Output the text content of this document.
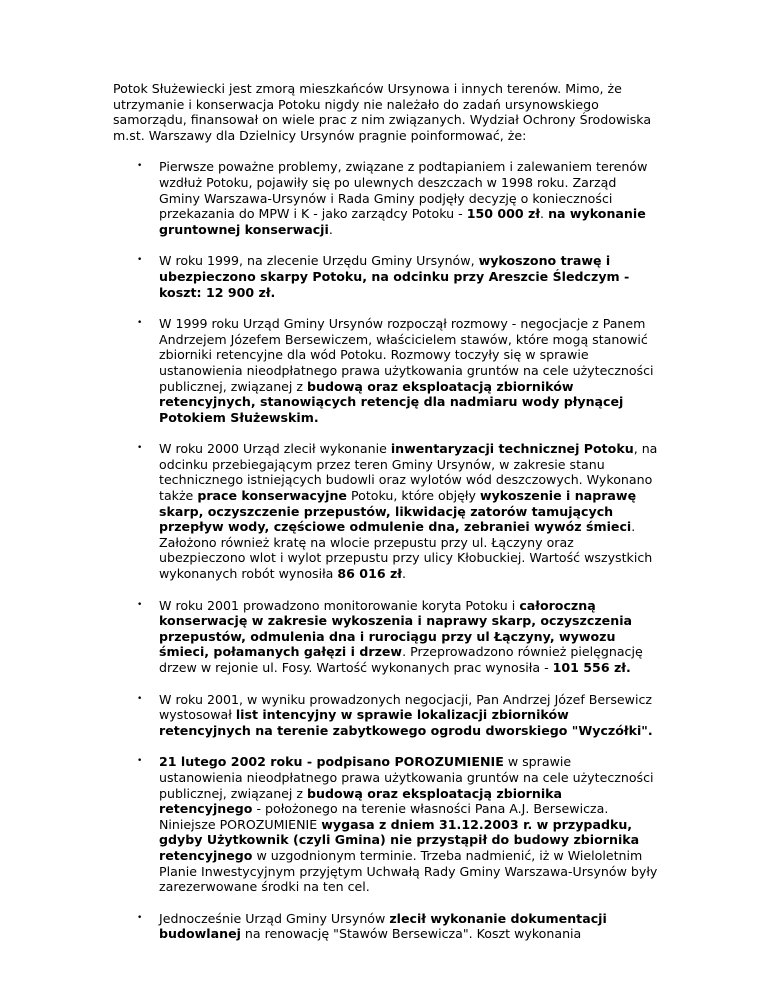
Potok Służewiecki jest zmorą mieszkańców Ursynowa i innych terenów. Mimo, że utrzymanie i konserwacja Potoku nigdy nie należało do zadań ursynowskiego samorządu, finansował on wiele prac z nim związanych. Wydział Ochrony Środowiska m.st. Warszawy dla Dzielnicy Ursynów pragnie poinformować, że:

• Pierwsze poważne problemy, związane z podtapianiem i zalewaniem terenów wzdłuż Potoku, pojawiły się po ulewnych deszczach w 1998 roku. Zarząd Gminy Warszawa-Ursynów i Rada Gminy podjęły decyzję o konieczności przekazania do MPW i K - jako zarządcy Potoku - 150 000 zł. na wykonanie gruntownej konserwacji.
• W roku 1999, na zlecenie Urzędu Gminy Ursynów, wykoszono trawę i ubezpieczono skarpy Potoku, na odcinku przy Areszcie Śledczym - koszt: 12 900 zł.
• W 1999 roku Urząd Gminy Ursynów rozpoczął rozmowy - negocjacje z Panem Andrzejem Józefem Bersewiczem, właścicielem stawów, które mogą stanowić zbiorniki retencyjne dla wód Potoku. Rozmowy toczyły się w sprawie ustanowienia nieodpłatnego prawa użytkowania gruntów na cele użyteczności publicznej, związanej z budową oraz eksploatacją zbiorników retencyjnych, stanowiących retencję dla nadmiaru wody płynącej Potokiem Służewskim.
• W roku 2000 Urząd zlecił wykonanie inwentaryzacji technicznej Potoku, na odcinku przebiegającym przez teren Gminy Ursynów, w zakresie stanu technicznego istniejących budowli oraz wylotów wód deszczowych. Wykonano także prace konserwacyjne Potoku, które objęły wykoszenie i naprawę skarp, oczyszczenie przepustów, likwidację zatorów tamujących przepływ wody, częściowe odmulenie dna, zebraniei wywóz śmieci. Założono również kratę na wlocie przepustu przy ul. Łączyny oraz ubezpieczono wlot i wylot przepustu przy ulicy Kłobuckiej. Wartość wszystkich wykonanych robót wynosiła 86 016 zł.
• W roku 2001 prowadzono monitorowanie koryta Potoku i całoroczną konserwację w zakresie wykoszenia i naprawy skarp, oczyszczenia przepustów, odmulenia dna i rurociągu przy ul Łączyny, wywozu śmieci, połamanych gałęzi i drzew. Przeprowadzono również pielęgnację drzew w rejonie ul. Fosy. Wartość wykonanych prac wynosiła - 101 556 zł.
• W roku 2001, w wyniku prowadzonych negocjacji, Pan Andrzej Józef Bersewicz wystosował list intencyjny w sprawie lokalizacji zbiorników retencyjnych na terenie zabytkowego ogrodu dworskiego "Wyczółki".
• 21 lutego 2002 roku - podpisano POROZUMIENIE w sprawie ustanowienia nieodpłatnego prawa użytkowania gruntów na cele użyteczności publicznej, związanej z budową oraz eksploatacją zbiornika retencyjnego - położonego na terenie własności Pana A.J. Bersewicza. Niniejsze POROZUMIENIE wygasa z dniem 31.12.2003 r. w przypadku, gdyby Użytkownik (czyli Gmina) nie przystąpił do budowy zbiornika retencyjnego w uzgodnionym terminie. Trzeba nadmienić, iż w Wieloletnim Planie Inwestycyjnym przyjętym Uchwałą Rady Gminy Warszawa-Ursynów były zarezerwowane środki na ten cel.
• Jednocześnie Urząd Gminy Ursynów zlecił wykonanie dokumentacji budowlanej na renowację "Stawów Bersewicza". Koszt wykonania
